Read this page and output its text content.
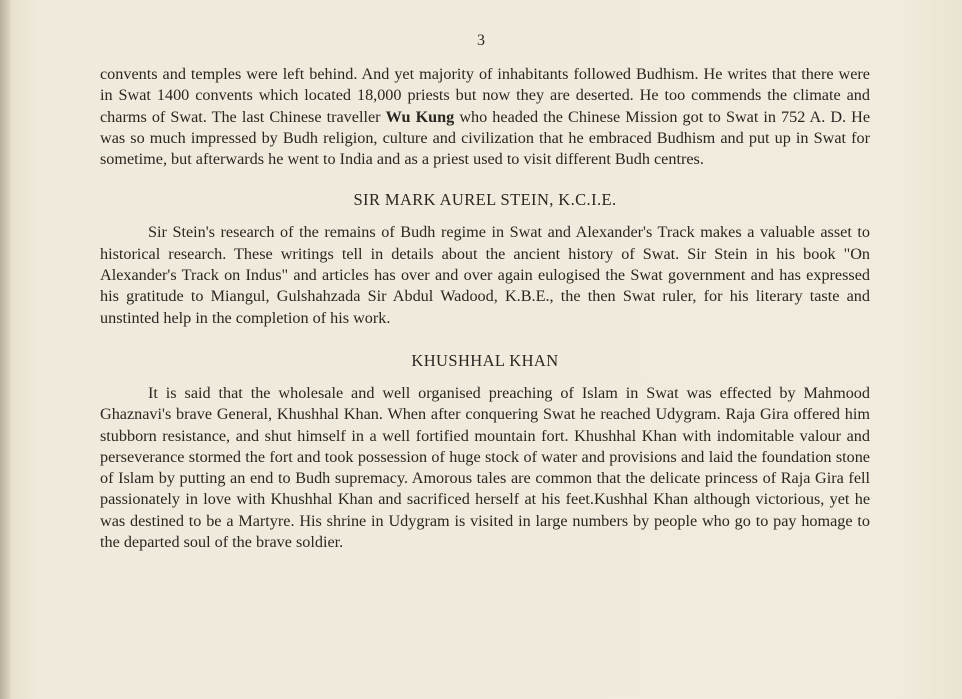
3

convents and temples were left behind. And yet majority of inhabitants followed Budhism. He writes that there were in Swat 1400 convents which located 18,000 priests but now they are deserted. He too commends the climate and charms of Swat. The last Chinese traveller Wu Kung who headed the Chinese Mission got to Swat in 752 A. D. He was so much impressed by Budh religion, culture and civilization that he embraced Budhism and put up in Swat for sometime, but afterwards he went to India and as a priest used to visit different Budh centres.

SIR MARK AUREL STEIN, K.C.I.E.

Sir Stein's research of the remains of Budh regime in Swat and Alexander's Track makes a valuable asset to historical research. These writings tell in details about the ancient history of Swat. Sir Stein in his book "On Alexander's Track on Indus" and articles has over and over again eulogised the Swat government and has expressed his gratitude to Miangul, Gulshahzada Sir Abdul Wadood, K.B.E., the then Swat ruler, for his literary taste and unstinted help in the completion of his work.

KHUSHHAL KHAN

It is said that the wholesale and well organised preaching of Islam in Swat was effected by Mahmood Ghaznavi's brave General, Khushhal Khan. When after conquering Swat he reached Udygram. Raja Gira offered him stubborn resistance, and shut himself in a well fortified mountain fort. Khushhal Khan with indomitable valour and perseverance stormed the fort and took possession of huge stock of water and provisions and laid the foundation stone of Islam by putting an end to Budh supremacy. Amorous tales are common that the delicate princess of Raja Gira fell passionately in love with Khushhal Khan and sacrificed herself at his feet.Kushhal Khan although victorious, yet he was destined to be a Martyre. His shrine in Udygram is visited in large numbers by people who go to pay homage to the departed soul of the brave soldier.
